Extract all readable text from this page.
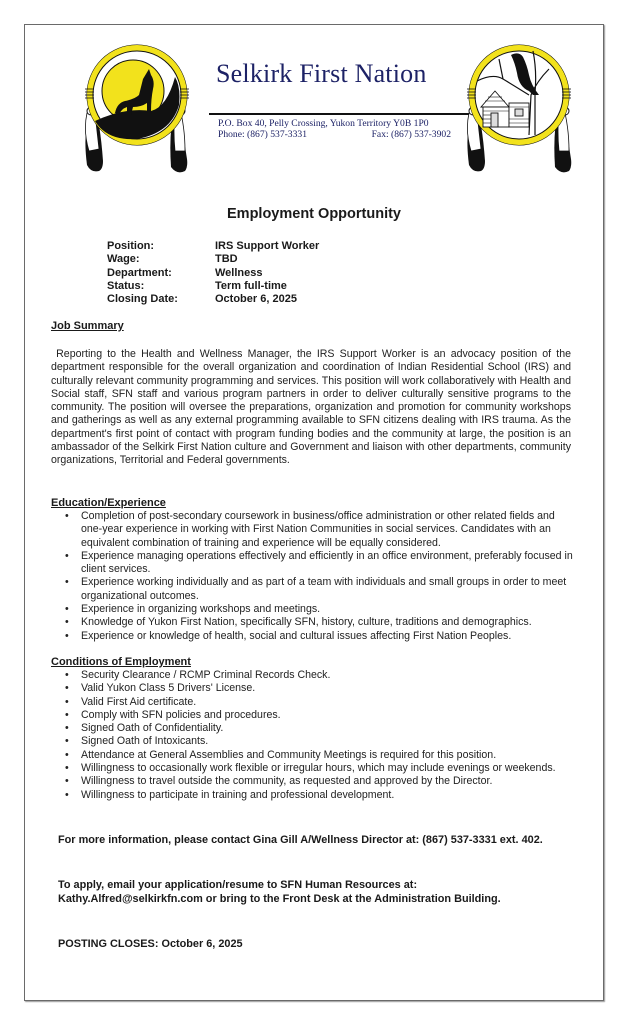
Selkirk First Nation
P.O. Box 40, Pelly Crossing, Yukon Territory Y0B 1P0
Phone: (867) 537-3331	Fax: (867) 537-3902
Employment Opportunity
Position:	IRS Support Worker
Wage:	TBD
Department:	Wellness
Status:	Term full-time
Closing Date:	October 6, 2025
Job Summary
Reporting to the Health and Wellness Manager, the IRS Support Worker is an advocacy position of the department responsible for the overall organization and coordination of Indian Residential School (IRS) and culturally relevant community programming and services. This position will work collaboratively with Health and Social staff, SFN staff and various program partners in order to deliver culturally sensitive programs to the community. The position will oversee the preparations, organization and promotion for community workshops and gatherings as well as any external programming available to SFN citizens dealing with IRS trauma. As the department's first point of contact with program funding bodies and the community at large, the position is an ambassador of the Selkirk First Nation culture and Government and liaison with other departments, community organizations, Territorial and Federal governments.
Education/Experience
• Completion of post-secondary coursework in business/office administration or other related fields and one-year experience in working with First Nation Communities in social services. Candidates with an equivalent combination of training and experience will be equally considered.
• Experience managing operations effectively and efficiently in an office environment, preferably focused in client services.
• Experience working individually and as part of a team with individuals and small groups in order to meet organizational outcomes.
• Experience in organizing workshops and meetings.
• Knowledge of Yukon First Nation, specifically SFN, history, culture, traditions and demographics.
• Experience or knowledge of health, social and cultural issues affecting First Nation Peoples.
Conditions of Employment
• Security Clearance / RCMP Criminal Records Check.
• Valid Yukon Class 5 Drivers' License.
• Valid First Aid certificate.
• Comply with SFN policies and procedures.
• Signed Oath of Confidentiality.
• Signed Oath of Intoxicants.
• Attendance at General Assemblies and Community Meetings is required for this position.
• Willingness to occasionally work flexible or irregular hours, which may include evenings or weekends.
• Willingness to travel outside the community, as requested and approved by the Director.
• Willingness to participate in training and professional development.
For more information, please contact Gina Gill A/Wellness Director at: (867) 537-3331 ext. 402.
To apply, email your application/resume to SFN Human Resources at:
Kathy.Alfred@selkirkfn.com or bring to the Front Desk at the Administration Building.
POSTING CLOSES: October 6, 2025
